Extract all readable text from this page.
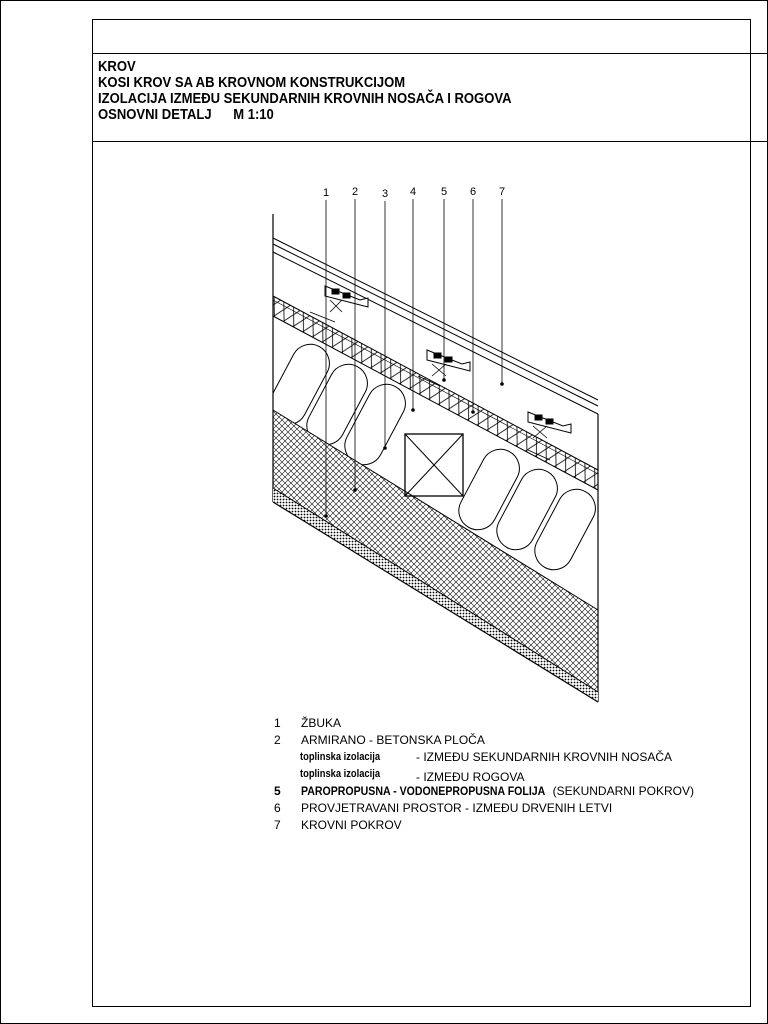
KROV
KOSI KROV SA AB KROVNOM KONSTRUKCIJOM
IZOLACIJA IZMEĐU SEKUNDARNIH KROVNIH NOSAČA I ROGOVA
OSNOVNI DETALJ M 1:10
1 2 3 4 5 6 7
1	ŽBUKA
2	ARMIRANO - BETONSKA PLOČA
toplinska izolacija	- IZMEĐU SEKUNDARNIH KROVNIH NOSAČA
toplinska izolacija	- IZMEĐU ROGOVA
5	PAROPROPUSNA - VODONEPROPUSNA FOLIJA (SEKUNDARNI POKROV)
6	PROVJETRAVANI PROSTOR - IZMEĐU DRVENIH LETVI
7	KROVNI POKROV
